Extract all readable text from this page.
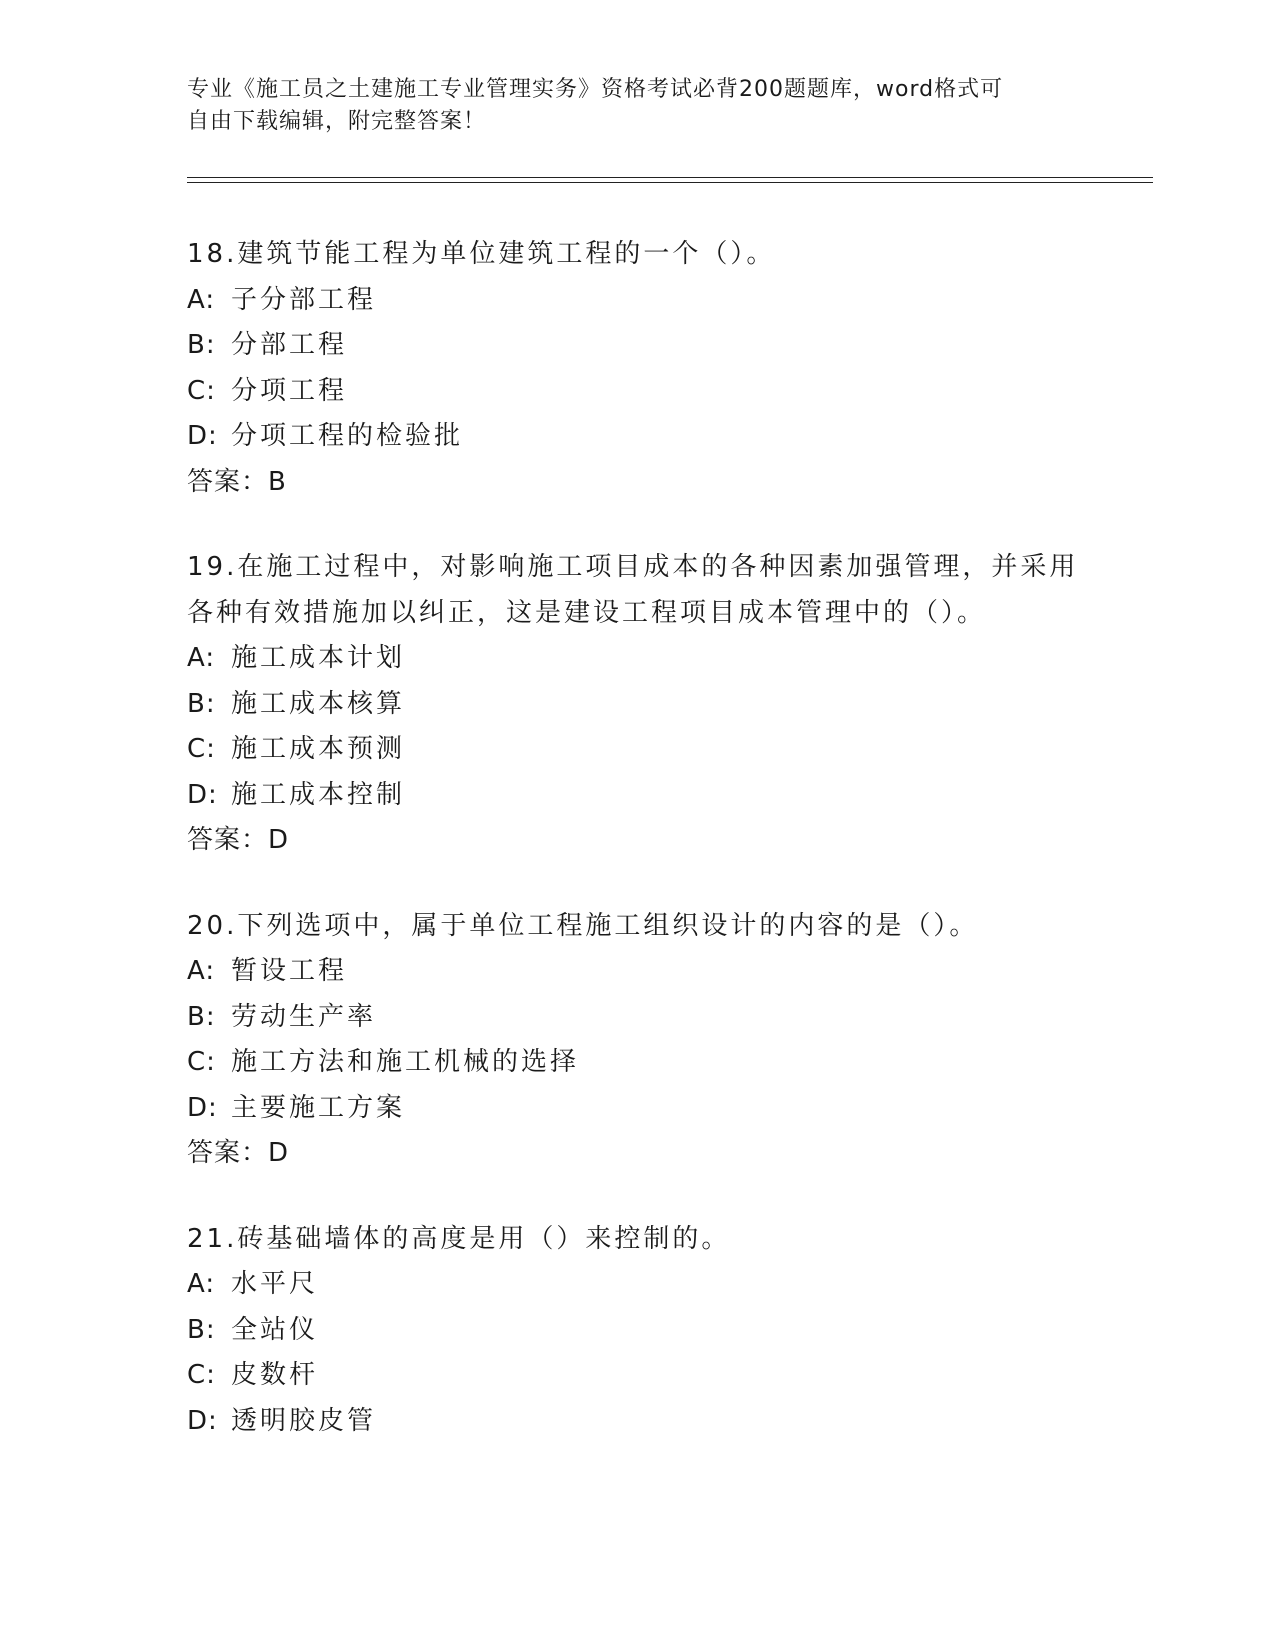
专业《施工员之土建施工专业管理实务》资格考试必背200题题库，word格式可
自由下载编辑，附完整答案！
18.建筑节能工程为单位建筑工程的一个（）。
A: 子分部工程
B: 分部工程
C: 分项工程
D: 分项工程的检验批
答案：B
19.在施工过程中，对影响施工项目成本的各种因素加强管理，并采用
各种有效措施加以纠正，这是建设工程项目成本管理中的（）。
A: 施工成本计划
B: 施工成本核算
C: 施工成本预测
D: 施工成本控制
答案：D
20.下列选项中，属于单位工程施工组织设计的内容的是（）。
A: 暂设工程
B: 劳动生产率
C: 施工方法和施工机械的选择
D: 主要施工方案
答案：D
21.砖基础墙体的高度是用（）来控制的。
A: 水平尺
B: 全站仪
C: 皮数杆
D: 透明胶皮管
